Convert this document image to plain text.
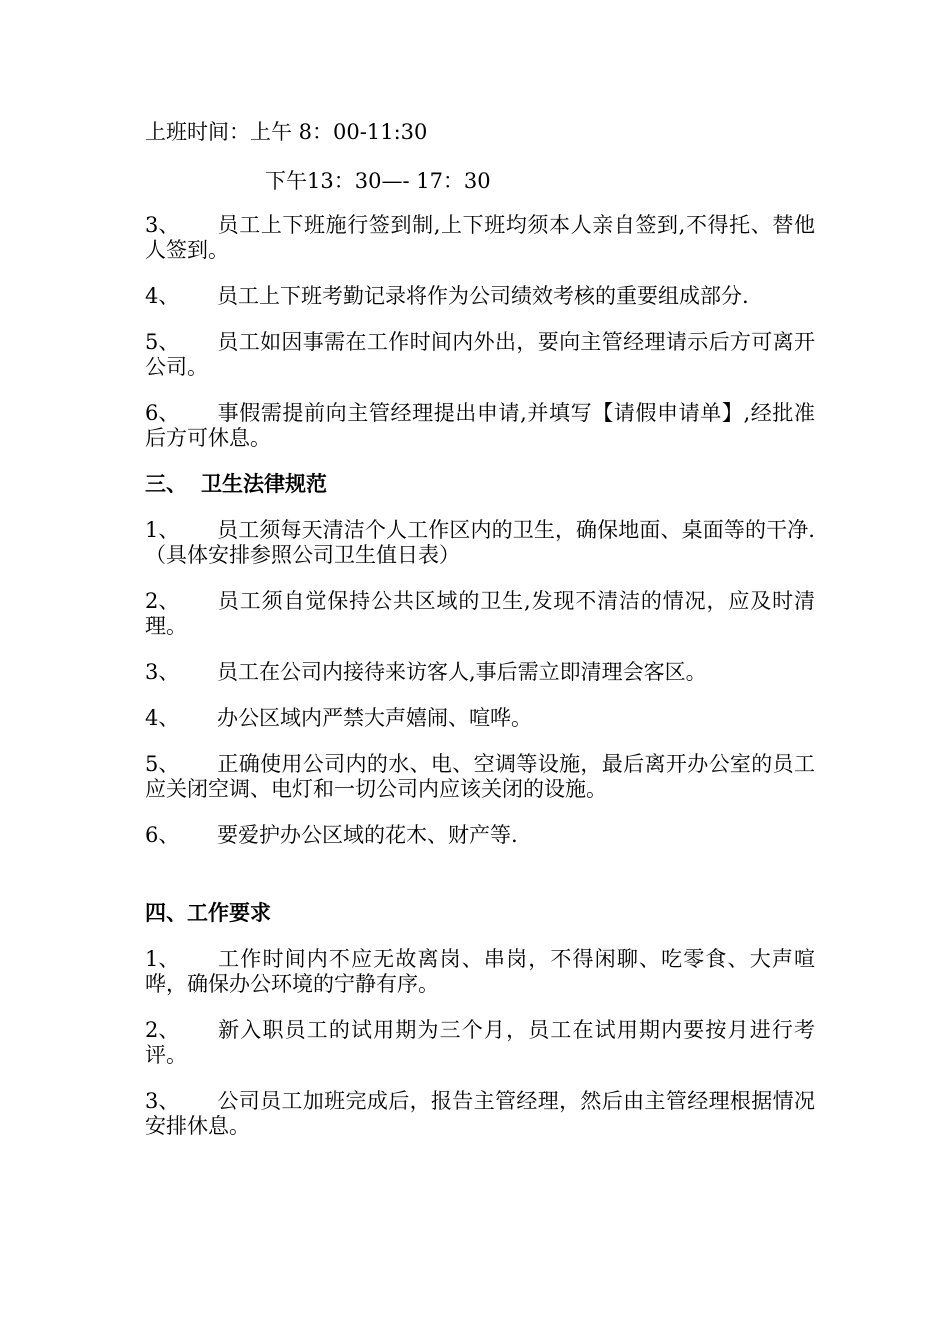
上班时间：上午 8：00-11:30
下午13：30—- 17：30
3、 员工上下班施行签到制,上下班均须本人亲自签到,不得托、替他人签到。
4、 员工上下班考勤记录将作为公司绩效考核的重要组成部分.
5、 员工如因事需在工作时间内外出，要向主管经理请示后方可离开公司。
6、 事假需提前向主管经理提出申请,并填写【请假申请单】,经批准后方可休息。
三、 卫生法律规范
1、 员工须每天清洁个人工作区内的卫生，确保地面、桌面等的干净.（具体安排参照公司卫生值日表）
2、 员工须自觉保持公共区域的卫生,发现不清洁的情况，应及时清理。
3、 员工在公司内接待来访客人,事后需立即清理会客区。
4、 办公区域内严禁大声嬉闹、喧哗。
5、 正确使用公司内的水、电、空调等设施，最后离开办公室的员工应关闭空调、电灯和一切公司内应该关闭的设施。
6、 要爱护办公区域的花木、财产等.
四、工作要求
1、 工作时间内不应无故离岗、串岗，不得闲聊、吃零食、大声喧哗，确保办公环境的宁静有序。
2、 新入职员工的试用期为三个月，员工在试用期内要按月进行考评。
3、 公司员工加班完成后，报告主管经理，然后由主管经理根据情况安排休息。
